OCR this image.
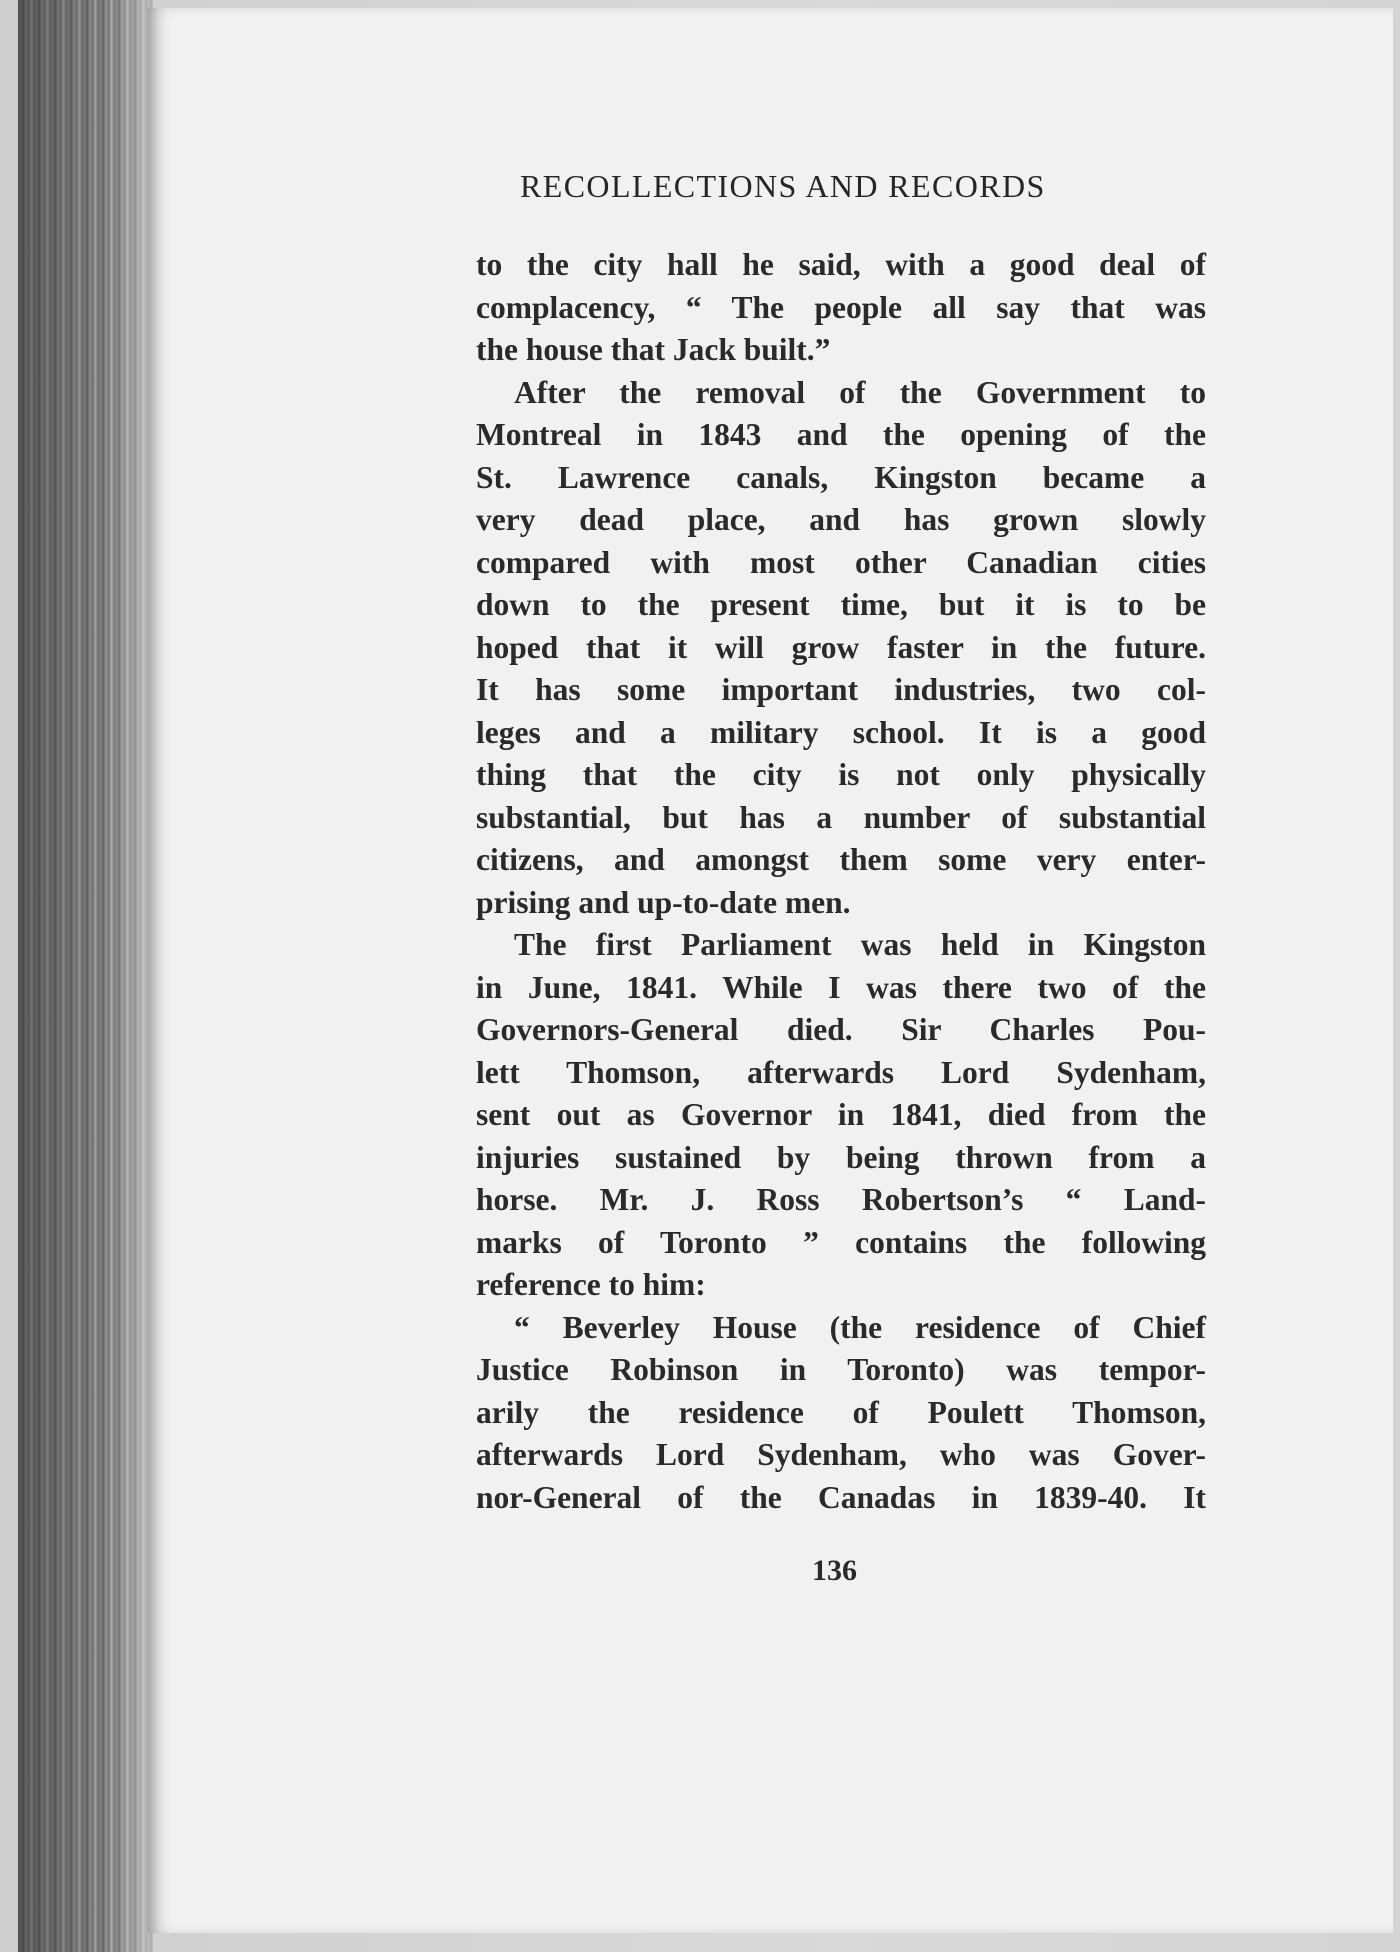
RECOLLECTIONS AND RECORDS
to the city hall he said, with a good deal of
complacency, “ The people all say that was
the house that Jack built.”
After the removal of the Government to
Montreal in 1843 and the opening of the
St. Lawrence canals, Kingston became a
very dead place, and has grown slowly
compared with most other Canadian cities
down to the present time, but it is to be
hoped that it will grow faster in the future.
It has some important industries, two col-
leges and a military school. It is a good
thing that the city is not only physically
substantial, but has a number of substantial
citizens, and amongst them some very enter-
prising and up-to-date men.
The first Parliament was held in Kingston
in June, 1841. While I was there two of the
Governors-General died. Sir Charles Pou-
lett Thomson, afterwards Lord Sydenham,
sent out as Governor in 1841, died from the
injuries sustained by being thrown from a
horse. Mr. J. Ross Robertson’s “ Land-
marks of Toronto ” contains the following
reference to him:
“ Beverley House (the residence of Chief
Justice Robinson in Toronto) was tempor-
arily the residence of Poulett Thomson,
afterwards Lord Sydenham, who was Gover-
nor-General of the Canadas in 1839-40. It
136
